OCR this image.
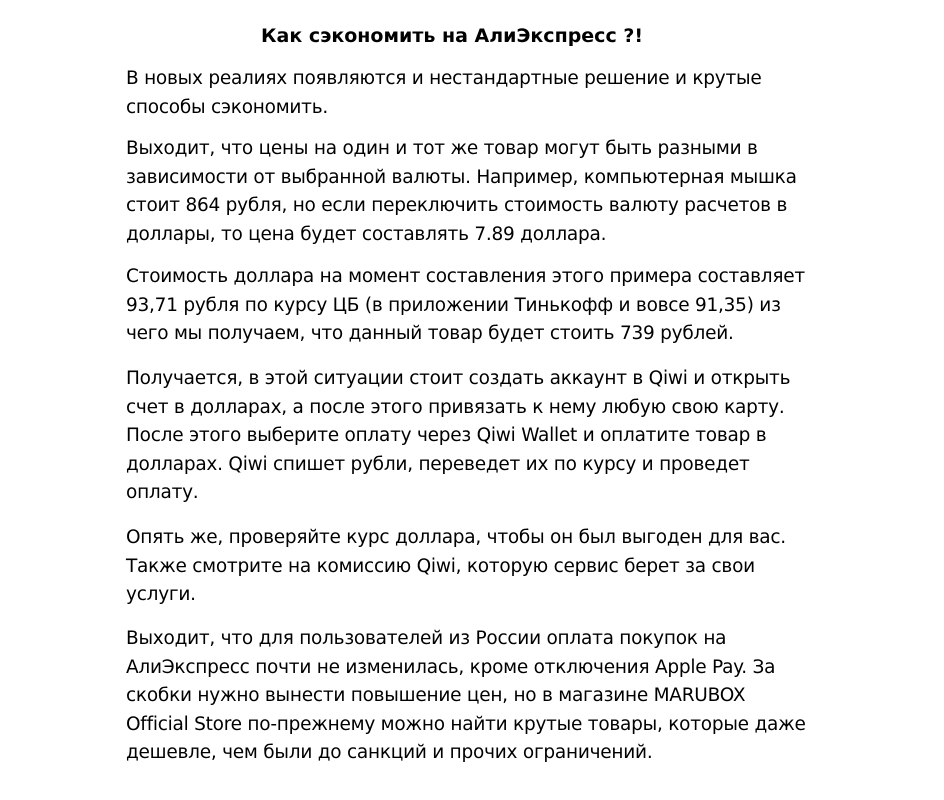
Как сэкономить на АлиЭкспресс ?!

В новых реалиях появляются и нестандартные решение и крутые
способы сэкономить.

Выходит, что цены на один и тот же товар могут быть разными в
зависимости от выбранной валюты. Например, компьютерная мышка
стоит 864 рубля, но если переключить стоимость валюту расчетов в
доллары, то цена будет составлять 7.89 доллара.

Стоимость доллара на момент составления этого примера составляет
93,71 рубля по курсу ЦБ (в приложении Тинькофф и вовсе 91,35) из
чего мы получаем, что данный товар будет стоить 739 рублей.

Получается, в этой ситуации стоит создать аккаунт в Qiwi и открыть
счет в долларах, а после этого привязать к нему любую свою карту.
После этого выберите оплату через Qiwi Wallet и оплатите товар в
долларах. Qiwi спишет рубли, переведет их по курсу и проведет
оплату.

Опять же, проверяйте курс доллара, чтобы он был выгоден для вас.
Также смотрите на комиссию Qiwi, которую сервис берет за свои
услуги.

Выходит, что для пользователей из России оплата покупок на
АлиЭкспресс почти не изменилась, кроме отключения Apple Pay. За
скобки нужно вынести повышение цен, но в магазине MARUBOX
Official Store по-прежнему можно найти крутые товары, которые даже
дешевле, чем были до санкций и прочих ограничений.
